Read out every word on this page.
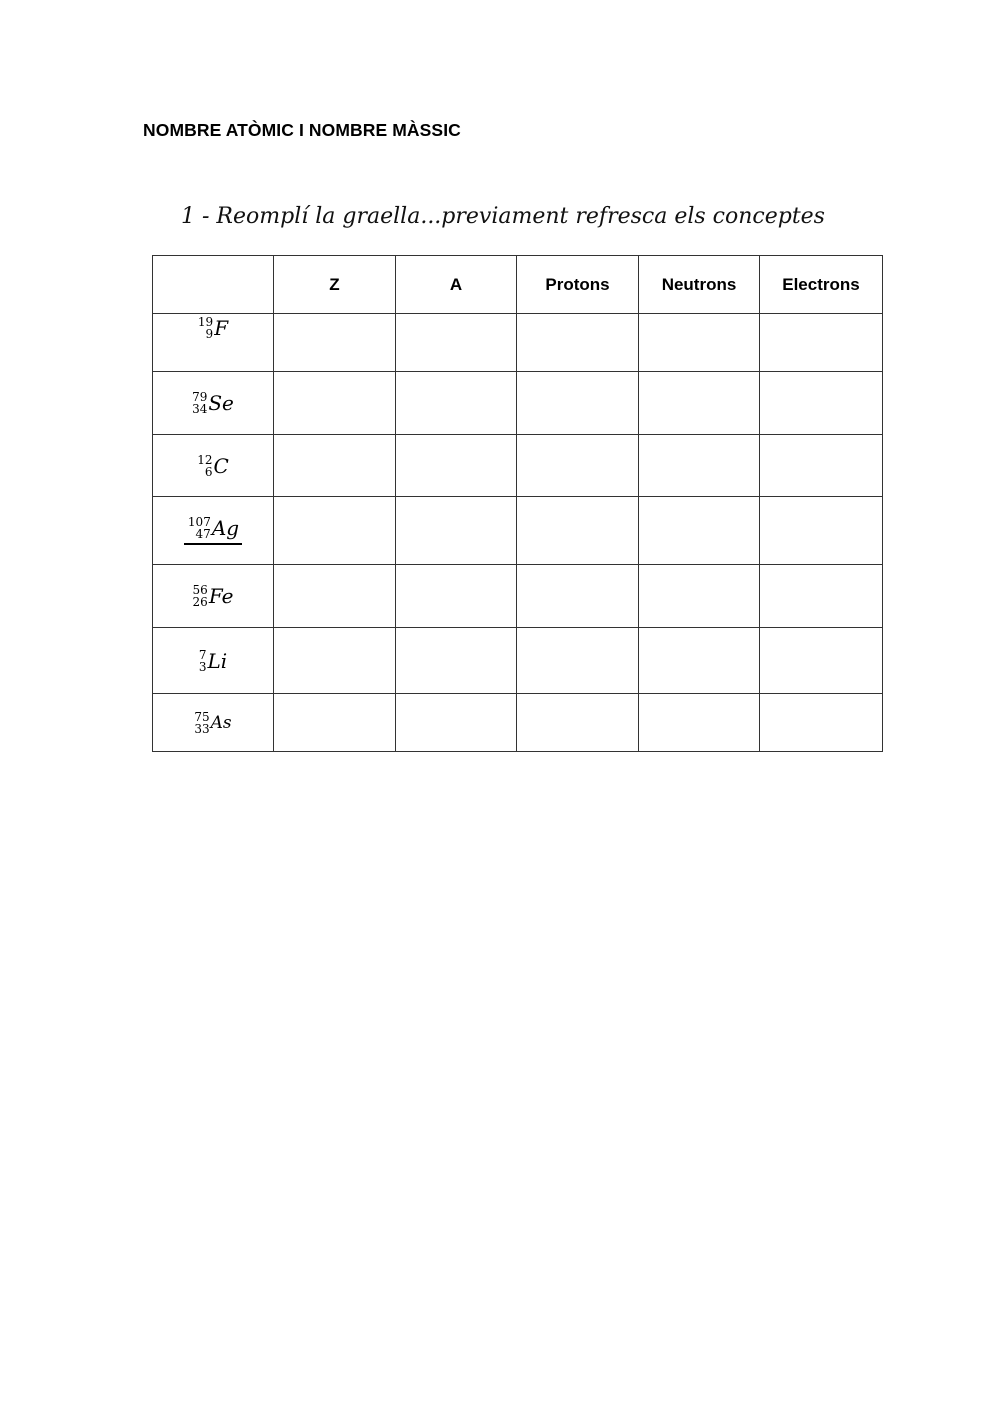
NOMBRE ATÒMIC I NOMBRE MÀSSIC
1 - Reomplí la graella...previament refresca els conceptes
	Z	A	Protons	Neutrons	Electrons

19
9 F					

79
34 Se					

12
6 C					

107
47 Ag					

56
26 Fe					

7
3 Li					

75
33 As					
